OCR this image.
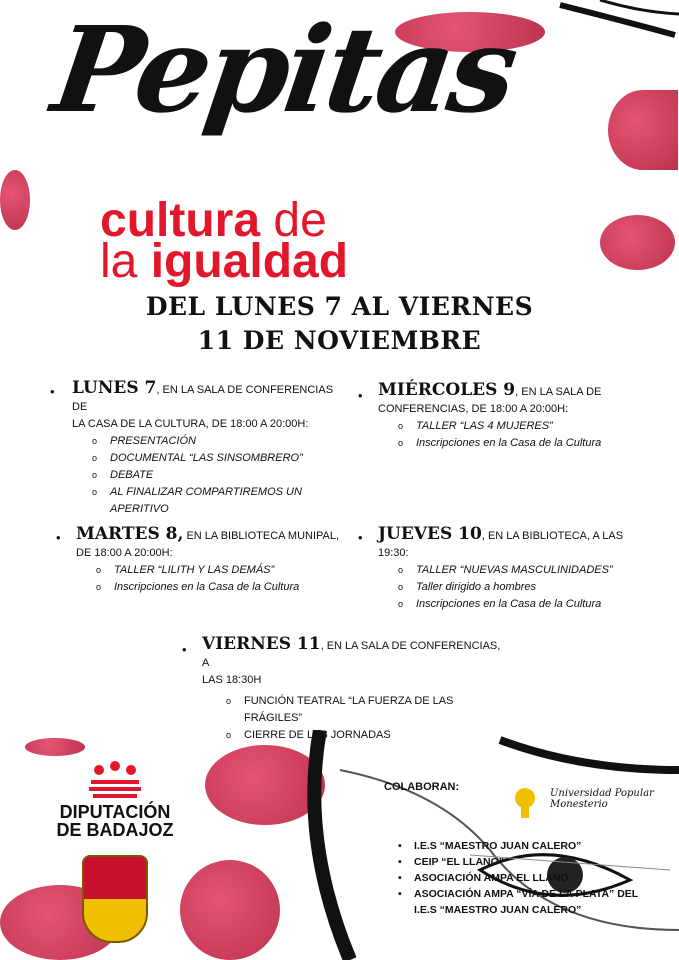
Pepitas
cultura de
la igualdad
DEL LUNES 7 AL VIERNES
11 DE NOVIEMBRE
• LUNES 7, EN LA SALA DE CONFERENCIAS DE
LA CASA DE LA CULTURA, DE 18:00 A 20:00H:
o PRESENTACIÓN
o DOCUMENTAL “LAS SINSOMBRERO”
o DEBATE
o AL FINALIZAR COMPARTIREMOS UN
APERITIVO
• MIÉRCOLES 9, EN LA SALA DE
CONFERENCIAS, DE 18:00 A 20:00H:
o TALLER “LAS 4 MUJERES”
o Inscripciones en la Casa de la Cultura
• MARTES 8, EN LA BIBLIOTECA MUNIPAL,
DE 18:00 A 20:00H:
o TALLER “LILITH Y LAS DEMÁS”
o Inscripciones en la Casa de la Cultura
• JUEVES 10, EN LA BIBLIOTECA, A LAS
19:30:
o TALLER “NUEVAS MASCULINIDADES”
o Taller dirigido a hombres
o Inscripciones en la Casa de la Cultura
• VIERNES 11, EN LA SALA DE CONFERENCIAS, A
LAS 18:30H
o FUNCIÓN TEATRAL “LA FUERZA DE LAS
FRÁGILES”
o CIERRE DE LAS JORNADAS
DIPUTACIÓN
DE BADAJOZ
COLABORAN:
Universidad Popular Monesterio
• I.E.S “MAESTRO JUAN CALERO”
• CEIP “EL LLANO”
• ASOCIACIÓN AMPA EL LLANO
• ASOCIACIÓN AMPA “VÍA DE LA PLATA” DEL
I.E.S “MAESTRO JUAN CALERO”
